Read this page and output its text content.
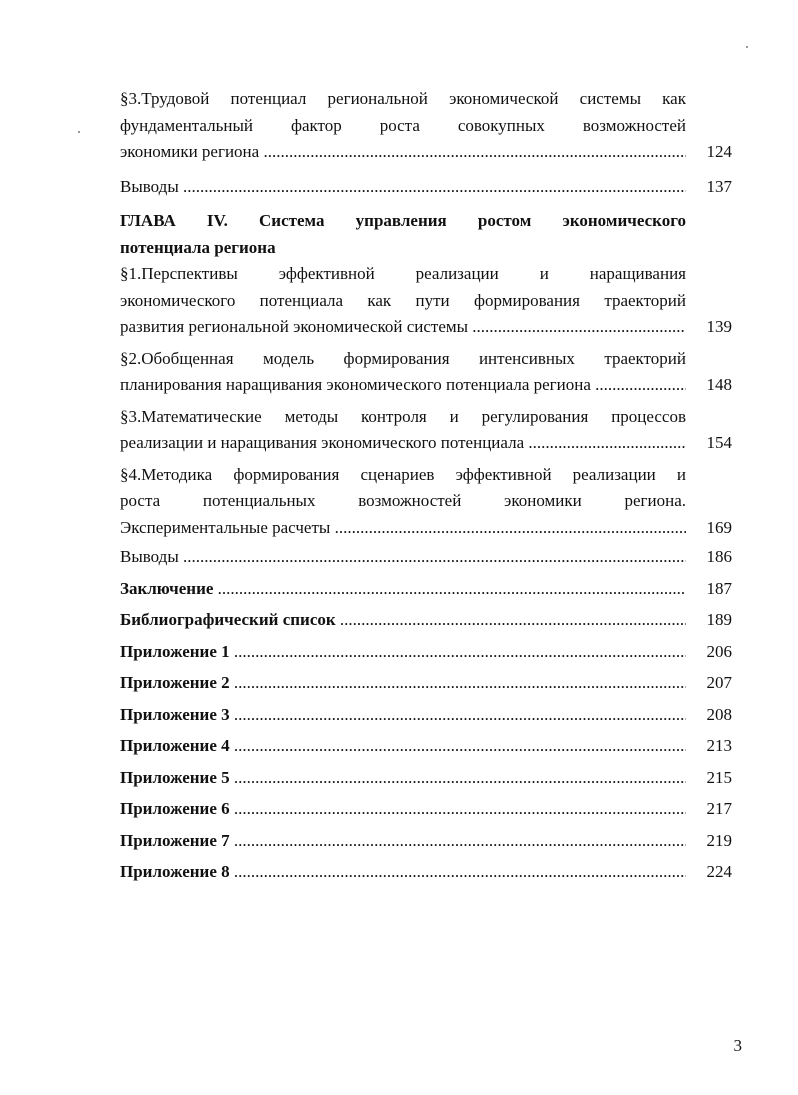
§3.Трудовой потенциал региональной экономической системы как
фундаментальный фактор роста совокупных возможностей
экономики региона .....	124
Выводы .....	137
ГЛАВА IV. Система управления ростом экономического
потенциала региона
§1.Перспективы эффективной реализации и наращивания
экономического потенциала как пути формирования траекторий
развития региональной экономической системы .....	139
§2.Обобщенная модель формирования интенсивных траекторий
планирования наращивания экономического потенциала региона .....	148
§3.Математические методы контроля и регулирования процессов
реализации и наращивания экономического потенциала .....	154
§4.Методика формирования сценариев эффективной реализации и
роста потенциальных возможностей экономики региона.
Экспериментальные расчеты .....	169
Выводы .....	186
Заключение .....	187
Библиографический список .....	189
Приложение 1 .....	206
Приложение 2 .....	207
Приложение 3 .....	208
Приложение 4 .....	213
Приложение 5 .....	215
Приложение 6 .....	217
Приложение 7 .....	219
Приложение 8 .....	224
3
